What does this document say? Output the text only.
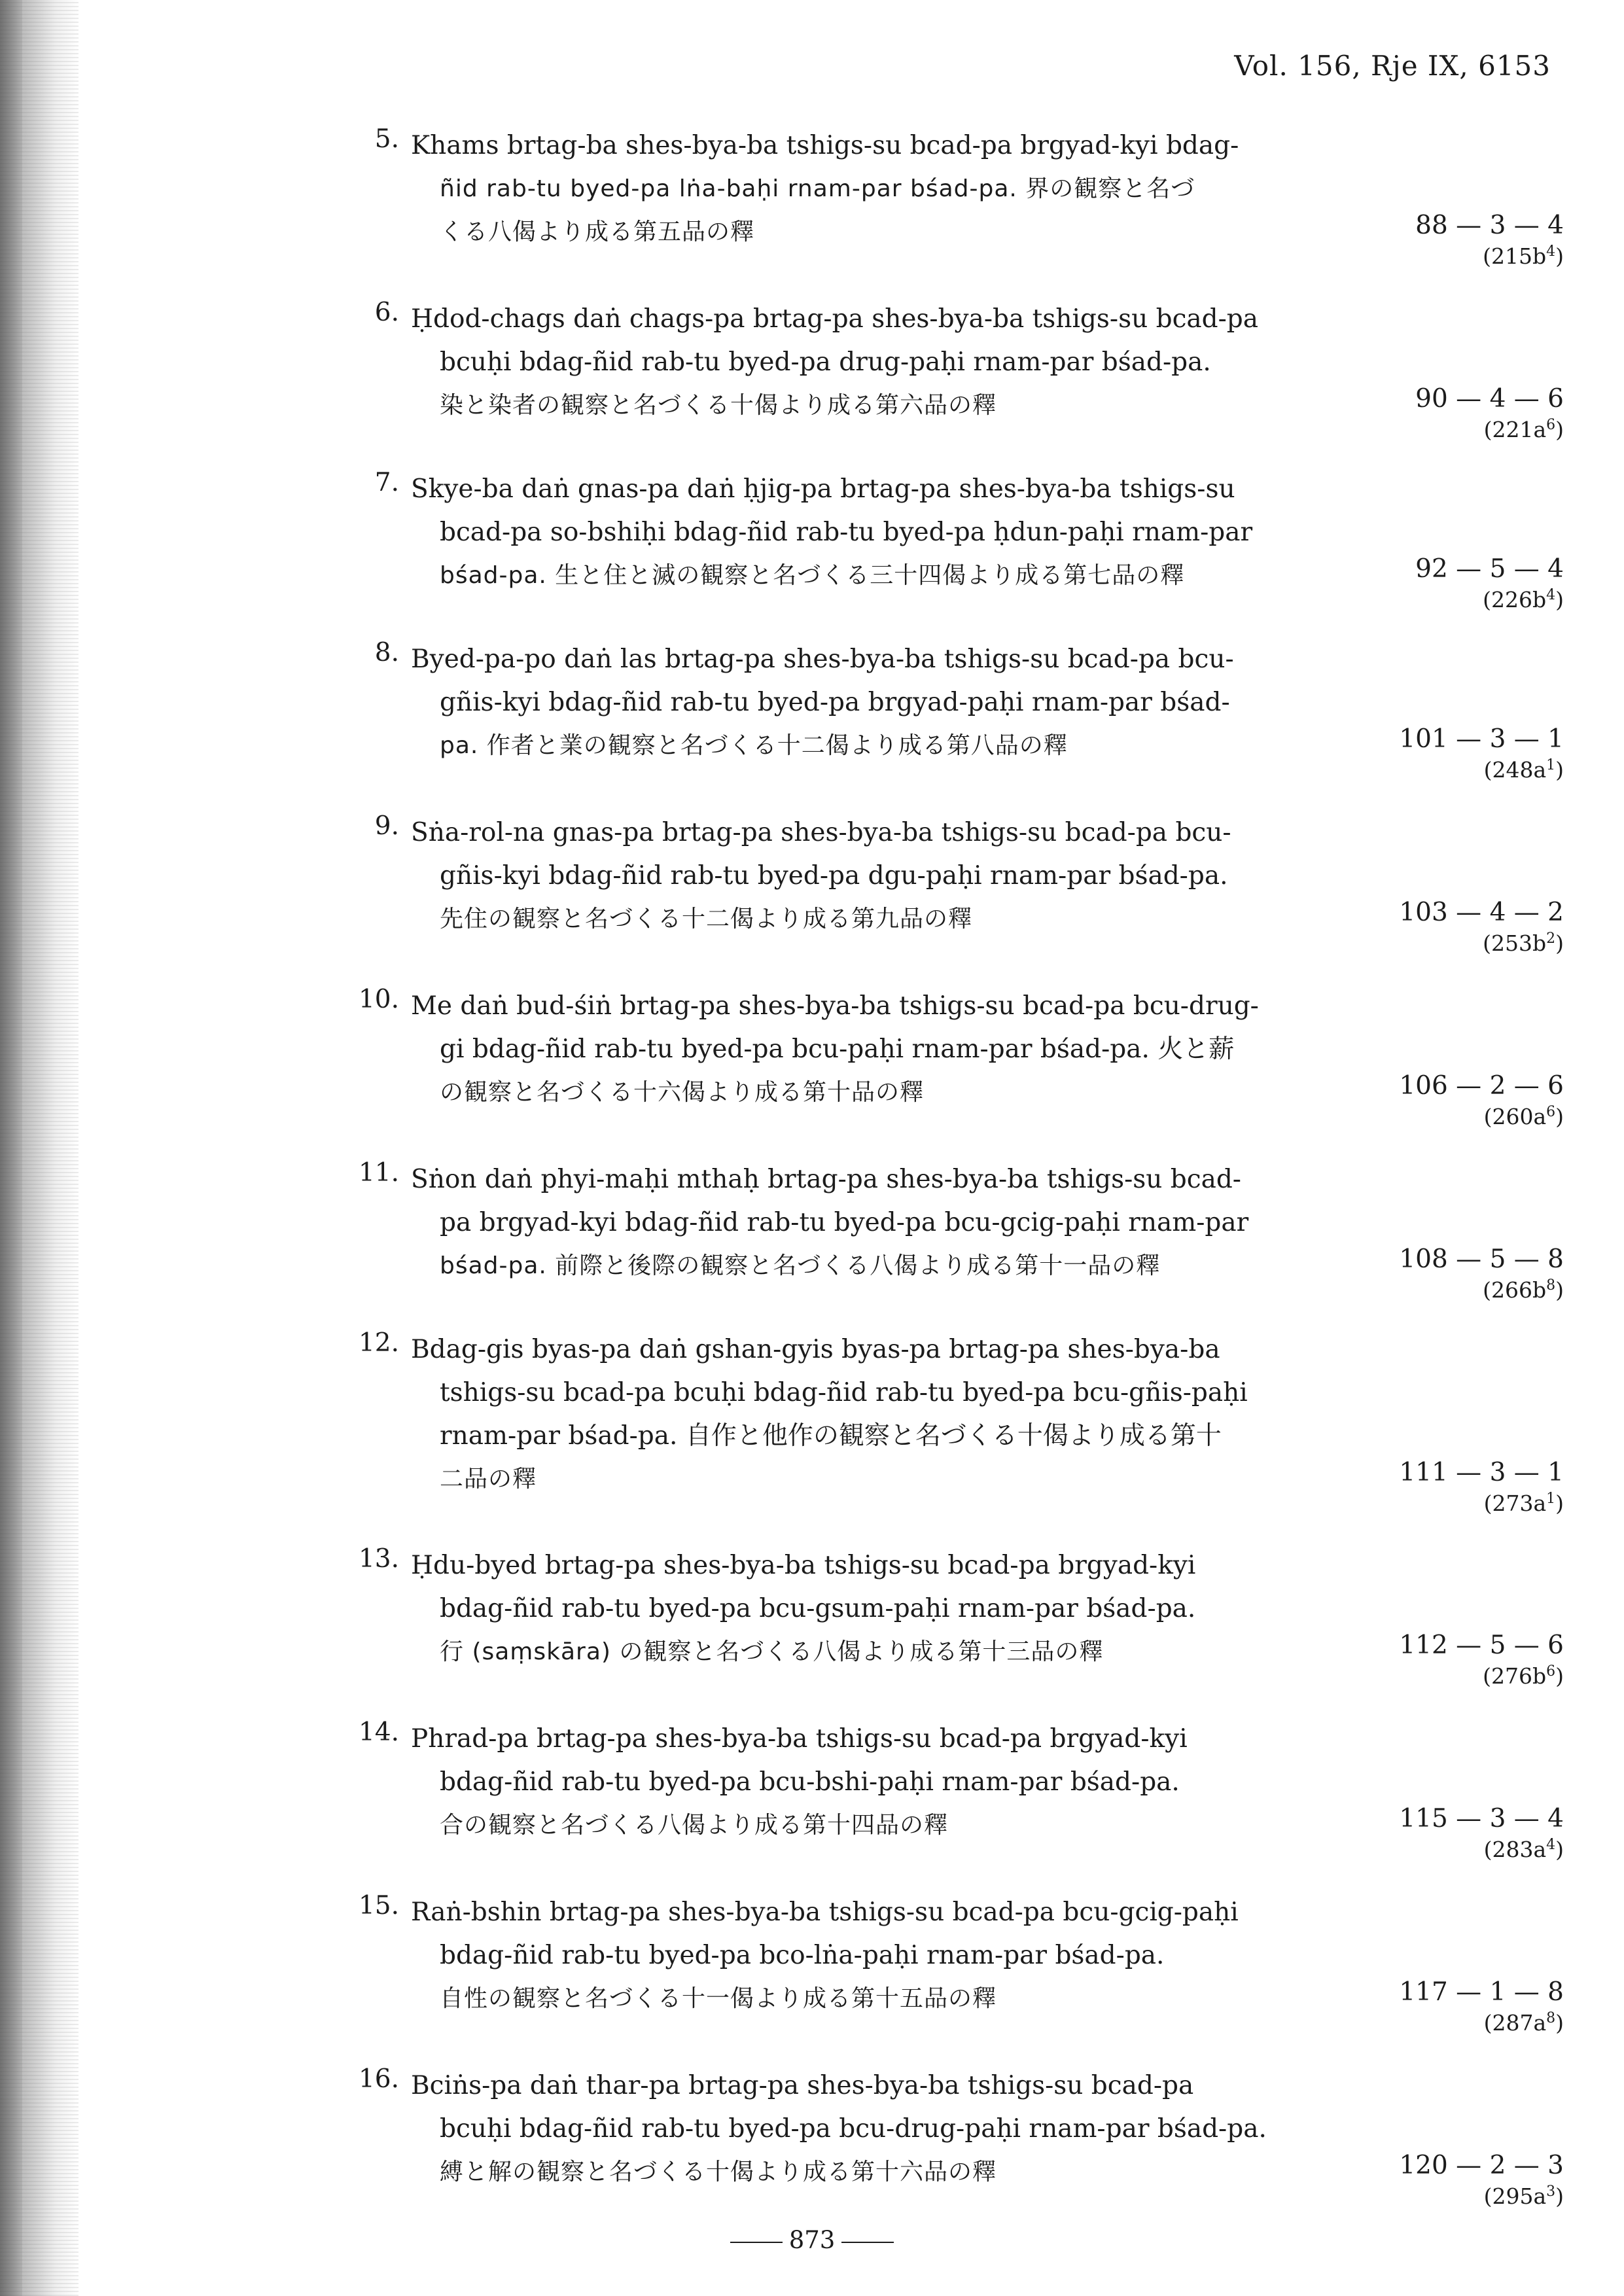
Vol. 156, Rje IX, 6153
5. Khams brtag-ba shes-bya-ba tshigs-su bcad-pa brgyad-kyi bdag-
ñid rab-tu byed-pa lṅa-baḥi rnam-par bśad-pa. 界の観察と名づ
くる八偈より成る第五品の釋	88 — 3 — 4
$(215b^4)$
6. Ḥdod-chags daṅ chags-pa brtag-pa shes-bya-ba tshigs-su bcad-pa
bcuḥi bdag-ñid rab-tu byed-pa drug-paḥi rnam-par bśad-pa.
染と染者の観察と名づくる十偈より成る第六品の釋	90 — 4 — 6
$(221a^6)$
7. Skye-ba daṅ gnas-pa daṅ ḥjig-pa brtag-pa shes-bya-ba tshigs-su
bcad-pa so-bshiḥi bdag-ñid rab-tu byed-pa ḥdun-paḥi rnam-par
bśad-pa. 生と住と滅の観察と名づくる三十四偈より成る第七品の釋	92 — 5 — 4
$(226b^4)$
8. Byed-pa-po daṅ las brtag-pa shes-bya-ba tshigs-su bcad-pa bcu-
gñis-kyi bdag-ñid rab-tu byed-pa brgyad-paḥi rnam-par bśad-
pa. 作者と業の観察と名づくる十二偈より成る第八品の釋	101 — 3 — 1
$(248a^1)$
9. Sṅa-rol-na gnas-pa brtag-pa shes-bya-ba tshigs-su bcad-pa bcu-
gñis-kyi bdag-ñid rab-tu byed-pa dgu-paḥi rnam-par bśad-pa.
先住の観察と名づくる十二偈より成る第九品の釋	103 — 4 — 2
$(253b^2)$
10. Me daṅ bud-śiṅ brtag-pa shes-bya-ba tshigs-su bcad-pa bcu-drug-
gi bdag-ñid rab-tu byed-pa bcu-paḥi rnam-par bśad-pa. 火と薪
の観察と名づくる十六偈より成る第十品の釋	106 — 2 — 6
$(260a^6)$
11. Sṅon daṅ phyi-maḥi mthaḥ brtag-pa shes-bya-ba tshigs-su bcad-
pa brgyad-kyi bdag-ñid rab-tu byed-pa bcu-gcig-paḥi rnam-par
bśad-pa. 前際と後際の観察と名づくる八偈より成る第十一品の釋	108 — 5 — 8
$(266b^8)$
12. Bdag-gis byas-pa daṅ gshan-gyis byas-pa brtag-pa shes-bya-ba
tshigs-su bcad-pa bcuḥi bdag-ñid rab-tu byed-pa bcu-gñis-paḥi
rnam-par bśad-pa. 自作と他作の観察と名づくる十偈より成る第十
二品の釋	111 — 3 — 1
$(273a^1)$
13. Ḥdu-byed brtag-pa shes-bya-ba tshigs-su bcad-pa brgyad-kyi
bdag-ñid rab-tu byed-pa bcu-gsum-paḥi rnam-par bśad-pa.
行 (saṃskāra) の観察と名づくる八偈より成る第十三品の釋	112 — 5 — 6
$(276b^6)$
14. Phrad-pa brtag-pa shes-bya-ba tshigs-su bcad-pa brgyad-kyi
bdag-ñid rab-tu byed-pa bcu-bshi-paḥi rnam-par bśad-pa.
合の観察と名づくる八偈より成る第十四品の釋	115 — 3 — 4
$(283a^4)$
15. Raṅ-bshin brtag-pa shes-bya-ba tshigs-su bcad-pa bcu-gcig-paḥi
bdag-ñid rab-tu byed-pa bco-lṅa-paḥi rnam-par bśad-pa.
自性の観察と名づくる十一偈より成る第十五品の釋	117 — 1 — 8
$(287a^8)$
16. Bciṅs-pa daṅ thar-pa brtag-pa shes-bya-ba tshigs-su bcad-pa
bcuḥi bdag-ñid rab-tu byed-pa bcu-drug-paḥi rnam-par bśad-pa.
縛と解の観察と名づくる十偈より成る第十六品の釋	120 — 2 — 3
$(295a^3)$
873
